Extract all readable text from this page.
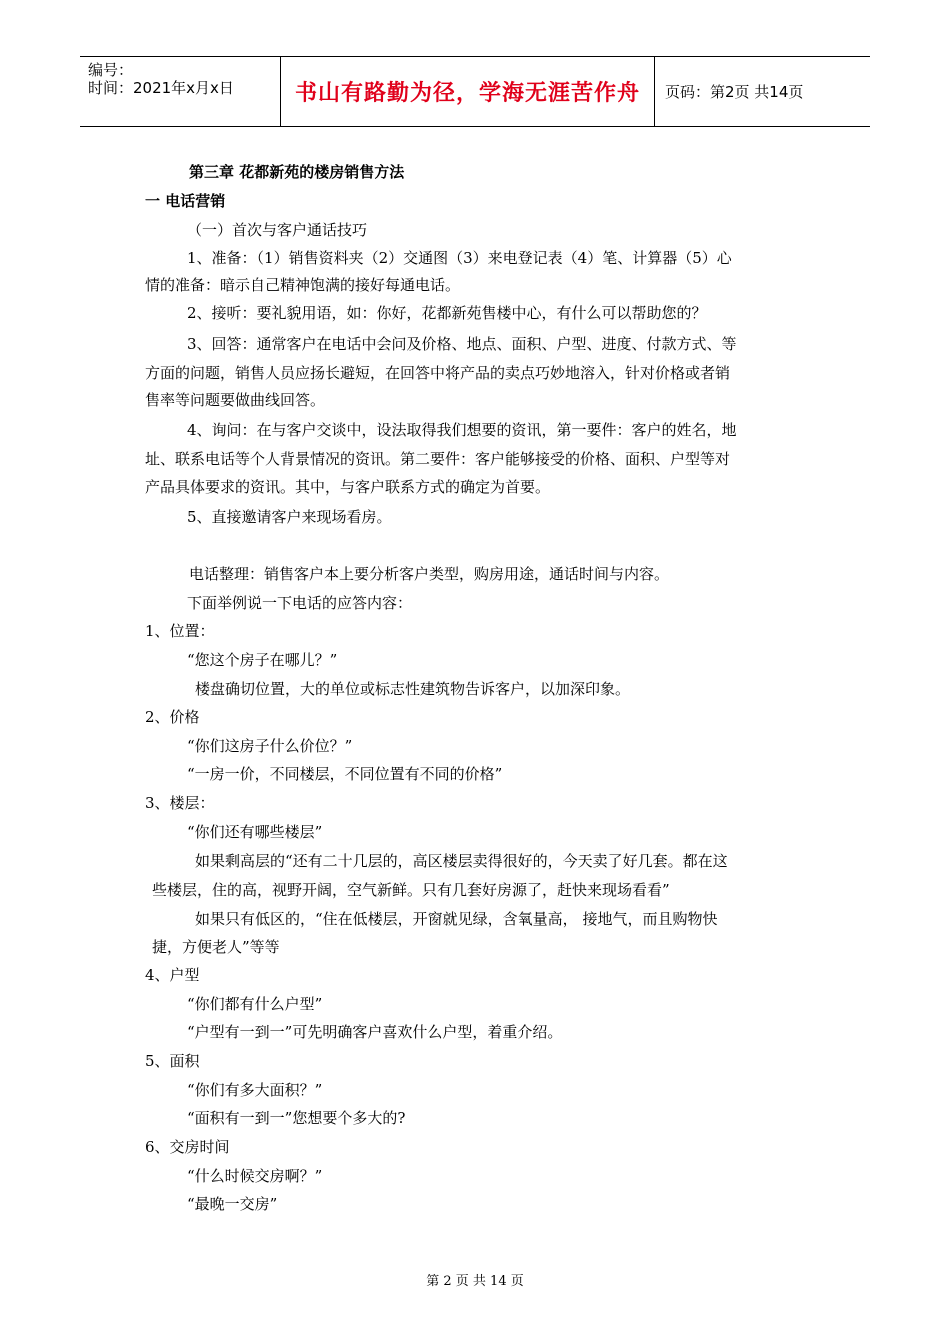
编号：
时间：2021年x月x日	书山有路勤为径，学海无涯苦作舟	页码：第2页 共14页
第三章 花都新苑的楼房销售方法
一 电话营销
（一）首次与客户通话技巧
1、准备：（1）销售资料夹（2）交通图（3）来电登记表（4）笔、计算器（5）心
情的准备：暗示自己精神饱满的接好每通电话。
2、接听：要礼貌用语，如：你好，花都新苑售楼中心，有什么可以帮助您的？
3、回答：通常客户在电话中会问及价格、地点、面积、户型、进度、付款方式、等
方面的问题，销售人员应扬长避短，在回答中将产品的卖点巧妙地溶入，针对价格或者销
售率等问题要做曲线回答。
4、询问：在与客户交谈中，设法取得我们想要的资讯，第一要件：客户的姓名，地
址、联系电话等个人背景情况的资讯。第二要件：客户能够接受的价格、面积、户型等对
产品具体要求的资讯。其中，与客户联系方式的确定为首要。
5、直接邀请客户来现场看房。
电话整理：销售客户本上要分析客户类型，购房用途，通话时间与内容。
下面举例说一下电话的应答内容：
1、位置：
“您这个房子在哪儿？”
楼盘确切位置，大的单位或标志性建筑物告诉客户，以加深印象。
2、价格
“你们这房子什么价位？”
“一房一价，不同楼层，不同位置有不同的价格”
3、楼层：
“你们还有哪些楼层”
如果剩高层的“还有二十几层的，高区楼层卖得很好的，今天卖了好几套。都在这
些楼层，住的高，视野开阔，空气新鲜。只有几套好房源了，赶快来现场看看”
如果只有低区的，“住在低楼层，开窗就见绿，含氧量高， 接地气，而且购物快
捷，方便老人”等等
4、户型
“你们都有什么户型”
“户型有一到一”可先明确客户喜欢什么户型，着重介绍。
5、面积
“你们有多大面积？”
“面积有一到一”您想要个多大的?
6、交房时间
“什么时候交房啊？”
“最晚一交房”
第 2 页 共 14 页
